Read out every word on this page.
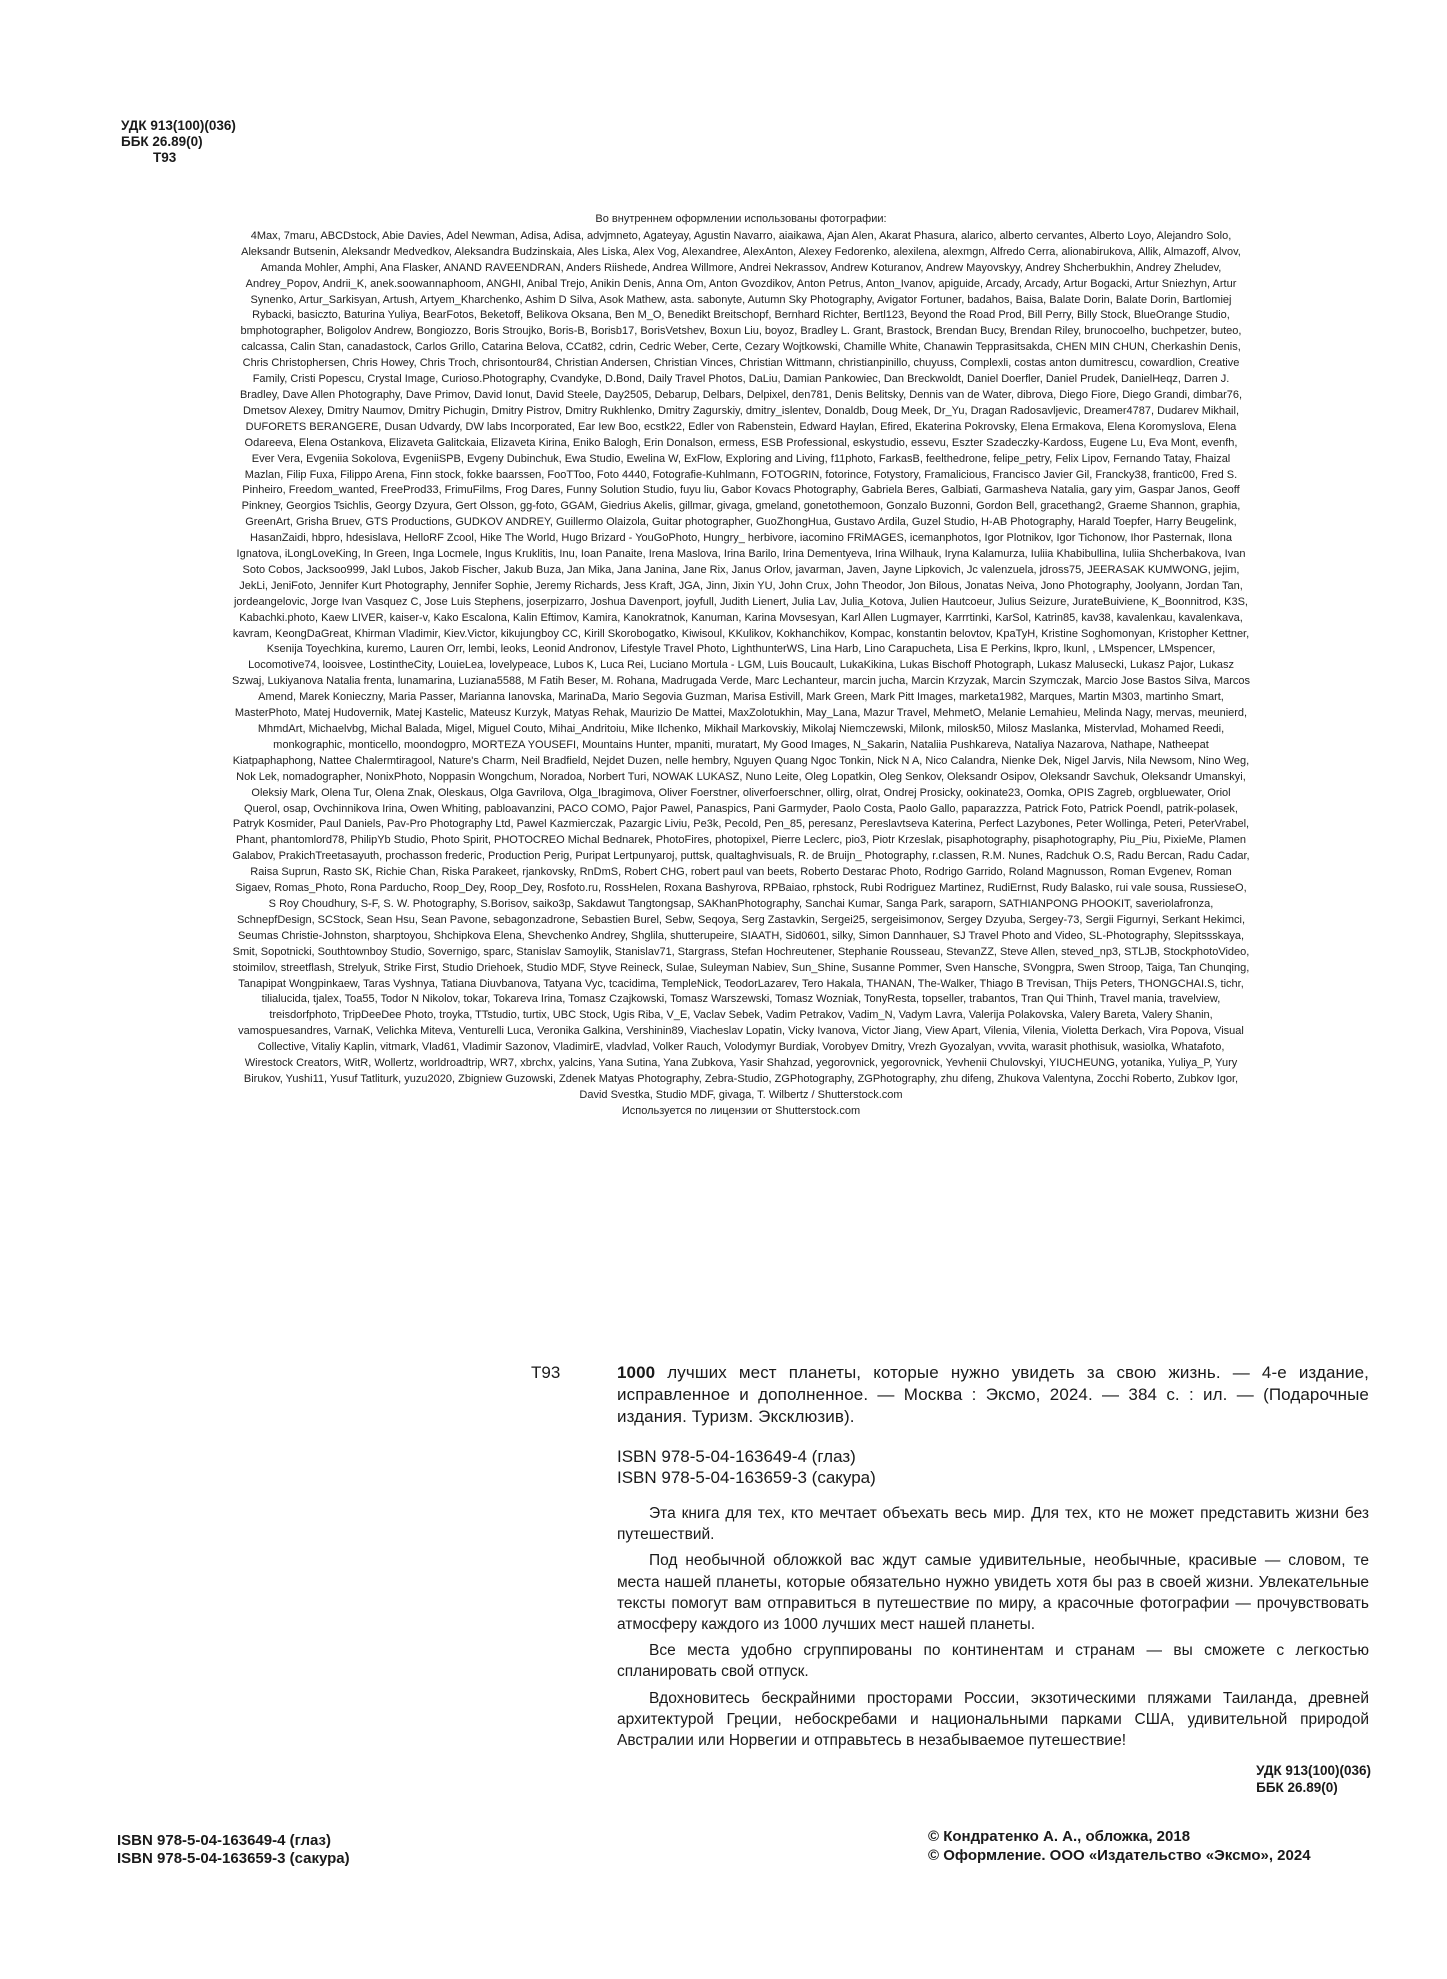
УДК 913(100)(036)
ББК 26.89(0)
Т93
Во внутреннем оформлении использованы фотографии:
4Max, 7maru, ABCDstock, Abie Davies, Adel Newman, Adisa, Adisa, advjmneto, Agateyay, Agustin Navarro, aiaikawa, Ajan Alen, Akarat Phasura, alarico, alberto cervantes, Alberto Loyo, Alejandro Solo, Aleksandr Butsenin, Aleksandr Medvedkov, Aleksandra Budzinskaia, Ales Liska, Alex Vog, Alexandree, AlexAnton, Alexey Fedorenko, alexilena, alexmgn, Alfredo Cerra, alionabirukova, Allik, Almazoff, Alvov, Amanda Mohler, Amphi, Ana Flasker, ANAND RAVEENDRAN, Anders Riishede, Andrea Willmore, Andrei Nekrassov, Andrew Koturanov, Andrew Mayovskyy, Andrey Shcherbukhin, Andrey Zheludev, Andrey_Popov, Andrii_K, anek.soowannaphoom, ANGHI, Anibal Trejo, Anikin Denis, Anna Om, Anton Gvozdikov, Anton Petrus, Anton_Ivanov, apiguide, Arcady, Arcady, Artur Bogacki, Artur Sniezhyn, Artur Synenko, Artur_Sarkisyan, Artush, Artyem_Kharchenko, Ashim D Silva, Asok Mathew, asta. sabonyte, Autumn Sky Photography, Avigator Fortuner, badahos, Baisa, Balate Dorin, Balate Dorin, Bartlomiej Rybacki, basiczto, Baturina Yuliya, BearFotos, Beketoff, Belikova Oksana, Ben M_O, Benedikt Breitschopf, Bernhard Richter, Bertl123, Beyond the Road Prod, Bill Perry, Billy Stock, BlueOrange Studio, bmphotographer, Boligolov Andrew, Bongiozzo, Boris Stroujko, Boris-B, Borisb17, BorisVetshev, Boxun Liu, boyoz, Bradley L. Grant, Brastock, Brendan Bucy, Brendan Riley, brunocoelho, buchpetzer, buteo, calcassa, Calin Stan, canadastock, Carlos Grillo, Catarina Belova, CCat82, cdrin, Cedric Weber, Certe, Cezary Wojtkowski, Chamille White, Chanawin Tepprasitsakda, CHEN MIN CHUN, Cherkashin Denis, Chris Christophersen, Chris Howey, Chris Troch, chrisontour84, Christian Andersen, Christian Vinces, Christian Wittmann, christianpinillo, chuyuss, Complexli, costas anton dumitrescu, cowardlion, Creative Family, Cristi Popescu, Crystal Image, Curioso.Photography, Cvandyke, D.Bond, Daily Travel Photos, DaLiu, Damian Pankowiec, Dan Breckwoldt, Daniel Doerfler, Daniel Prudek, DanielHeqz, Darren J. Bradley, Dave Allen Photography, Dave Primov, David Ionut, David Steele, Day2505, Debarup, Delbars, Delpixel, den781, Denis Belitsky, Dennis van de Water, dibrova, Diego Fiore, Diego Grandi, dimbar76, Dmetsov Alexey, Dmitry Naumov, Dmitry Pichugin, Dmitry Pistrov, Dmitry Rukhlenko, Dmitry Zagurskiy, dmitry_islentev, Donaldb, Doug Meek, Dr_Yu, Dragan Radosavljevic, Dreamer4787, Dudarev Mikhail, DUFORETS BERANGERE, Dusan Udvardy, DW labs Incorporated, Ear Iew Boo, ecstk22, Edler von Rabenstein, Edward Haylan, Efired, Ekaterina Pokrovsky, Elena Ermakova, Elena Koromyslova, Elena Odareeva, Elena Ostankova, Elizaveta Galitckaia, Elizaveta Kirina, Eniko Balogh, Erin Donalson, ermess, ESB Professional, eskystudio, essevu, Eszter Szadeczky-Kardoss, Eugene Lu, Eva Mont, evenfh, Ever Vera, Evgeniia Sokolova, EvgeniiSPB, Evgeny Dubinchuk, Ewa Studio, Ewelina W, ExFlow, Exploring and Living, f11photo, FarkasB, feelthedrone, felipe_petry, Felix Lipov, Fernando Tatay, Fhaizal Mazlan, Filip Fuxa, Filippo Arena, Finn stock, fokke baarssen, FooTToo, Foto 4440, Fotografie-Kuhlmann, FOTOGRIN, fotorince, Fotystory, Framalicious, Francisco Javier Gil, Francky38, frantic00, Fred S. Pinheiro, Freedom_wanted, FreeProd33, FrimuFilms, Frog Dares, Funny Solution Studio, fuyu liu, Gabor Kovacs Photography, Gabriela Beres, Galbiati, Garmasheva Natalia, gary yim, Gaspar Janos, Geoff Pinkney, Georgios Tsichlis, Georgy Dzyura, Gert Olsson, gg-foto, GGAM, Giedrius Akelis, gillmar, givaga, gmeland, gonetothemoon, Gonzalo Buzonni, Gordon Bell, gracethang2, Graeme Shannon, graphia, GreenArt, Grisha Bruev, GTS Productions, GUDKOV ANDREY, Guillermo Olaizola, Guitar photographer, GuoZhongHua, Gustavo Ardila, Guzel Studio, H-AB Photography, Harald Toepfer, Harry Beugelink, HasanZaidi, hbpro, hdesislava, HelloRF Zcool, Hike The World, Hugo Brizard - YouGoPhoto, Hungry_ herbivore, iacomino FRiMAGES, icemanphotos, Igor Plotnikov, Igor Tichonow, Ihor Pasternak, Ilona Ignatova, iLongLoveKing, In Green, Inga Locmele, Ingus Kruklitis, Inu, Ioan Panaite, Irena Maslova, Irina Barilo, Irina Dementyeva, Irina Wilhauk, Iryna Kalamurza, Iuliia Khabibullina, Iuliia Shcherbakova, Ivan Soto Cobos, Jacksoo999, Jakl Lubos, Jakob Fischer, Jakub Buza, Jan Mika, Jana Janina, Jane Rix, Janus Orlov, javarman, Javen, Jayne Lipkovich, Jc valenzuela, jdross75, JEERASAK KUMWONG, jejim, JekLi, JeniFoto, Jennifer Kurt Photography, Jennifer Sophie, Jeremy Richards, Jess Kraft, JGA, Jinn, Jixin YU, John Crux, John Theodor, Jon Bilous, Jonatas Neiva, Jono Photography, Joolyann, Jordan Tan, jordeangelovic, Jorge Ivan Vasquez C, Jose Luis Stephens, joserpizarro, Joshua Davenport, joyfull, Judith Lienert, Julia Lav, Julia_Kotova, Julien Hautcoeur, Julius Seizure, JurateBuiviene, K_Boonnitrod, K3S, Kabachki.photo, Kaew LIVER, kaiser-v, Kako Escalona, Kalin Eftimov, Kamira, Kanokratnok, Kanuman, Karina Movsesyan, Karl Allen Lugmayer, Karrrtinki, KarSol, Katrin85, kav38, kavalenkau, kavalenkava, kavram, KeongDaGreat, Khirman Vladimir, Kiev.Victor, kikujungboy CC, Kirill Skorobogatko, Kiwisoul, KKulikov, Kokhanchikov, Kompac, konstantin belovtov, KpaTyH, Kristine Soghomonyan, Kristopher Kettner, Ksenija Toyechkina, kuremo, Lauren Orr, lembi, leoks, Leonid Andronov, Lifestyle Travel Photo, LighthunterWS, Lina Harb, Lino Carapucheta, Lisa E Perkins, lkpro, lkunl, , LMspencer, LMspencer, Locomotive74, looisvee, LostintheCity, LouieLea, lovelypeace, Lubos K, Luca Rei, Luciano Mortula - LGM, Luis Boucault, LukaKikina, Lukas Bischoff Photograph, Lukasz Malusecki, Lukasz Pajor, Lukasz Szwaj, Lukiyanova Natalia frenta, lunamarina, Luziana5588, M Fatih Beser, M. Rohana, Madrugada Verde, Marc Lechanteur, marcin jucha, Marcin Krzyzak, Marcin Szymczak, Marcio Jose Bastos Silva, Marcos Amend, Marek Konieczny, Maria Passer, Marianna Ianovska, MarinaDa, Mario Segovia Guzman, Marisa Estivill, Mark Green, Mark Pitt Images, marketa1982, Marques, Martin M303, martinho Smart, MasterPhoto, Matej Hudovernik, Matej Kastelic, Mateusz Kurzyk, Matyas Rehak, Maurizio De Mattei, MaxZolotukhin, May_Lana, Mazur Travel, MehmetO, Melanie Lemahieu, Melinda Nagy, mervas, meunierd, MhmdArt, Michaelvbg, Michal Balada, Migel, Miguel Couto, Mihai_Andritoiu, Mike Ilchenko, Mikhail Markovskiy, Mikolaj Niemczewski, Milonk, milosk50, Milosz Maslanka, Mistervlad, Mohamed Reedi, monkographic, monticello, moondogpro, MORTEZA YOUSEFI, Mountains Hunter, mpaniti, muratart, My Good Images, N_Sakarin, Nataliia Pushkareva, Nataliya Nazarova, Nathape, Natheepat Kiatpaphaphong, Nattee Chalermtiragool, Nature's Charm, Neil Bradfield, Nejdet Duzen, nelle hembry, Nguyen Quang Ngoc Tonkin, Nick N A, Nico Calandra, Nienke Dek, Nigel Jarvis, Nila Newsom, Nino Weg, Nok Lek, nomadographer, NonixPhoto, Noppasin Wongchum, Noradoa, Norbert Turi, NOWAK LUKASZ, Nuno Leite, Oleg Lopatkin, Oleg Senkov, Oleksandr Osipov, Oleksandr Savchuk, Oleksandr Umanskyi, Oleksiy Mark, Olena Tur, Olena Znak, Oleskaus, Olga Gavrilova, Olga_Ibragimova, Oliver Foerstner, oliverfoerschner, ollirg, olrat, Ondrej Prosicky, ookinate23, Oomka, OPIS Zagreb, orgbluewater, Oriol Querol, osap, Ovchinnikova Irina, Owen Whiting, pabloavanzini, PACO COMO, Pajor Pawel, Panaspics, Pani Garmyder, Paolo Costa, Paolo Gallo, paparazzza, Patrick Foto, Patrick Poendl, patrik-polasek, Patryk Kosmider, Paul Daniels, Pav-Pro Photography Ltd, Pawel Kazmierczak, Pazargic Liviu, Pe3k, Pecold, Pen_85, peresanz, Pereslavtseva Katerina, Perfect Lazybones, Peter Wollinga, Peteri, PeterVrabel, Phant, phantomlord78, PhilipYb Studio, Photo Spirit, PHOTOCREO Michal Bednarek, PhotoFires, photopixel, Pierre Leclerc, pio3, Piotr Krzeslak, pisaphotography, pisaphotography, Piu_Piu, PixieMe, Plamen Galabov, PrakichTreetasayuth, prochasson frederic, Production Perig, Puripat Lertpunyaroj, puttsk, qualtaghvisuals, R. de Bruijn_ Photography, r.classen, R.M. Nunes, Radchuk O.S, Radu Bercan, Radu Cadar, Raisa Suprun, Rasto SK, Richie Chan, Riska Parakeet, rjankovsky, RnDmS, Robert CHG, robert paul van beets, Roberto Destarac Photo, Rodrigo Garrido, Roland Magnusson, Roman Evgenev, Roman Sigaev, Romas_Photo, Rona Parducho, Roop_Dey, Roop_Dey, Rosfoto.ru, RossHelen, Roxana Bashyrova, RPBaiao, rphstock, Rubi Rodriguez Martinez, RudiErnst, Rudy Balasko, rui vale sousa, RussieseO, S Roy Choudhury, S-F, S. W. Photography, S.Borisov, saiko3p, Sakdawut Tangtongsap, SAKhanPhotography, Sanchai Kumar, Sanga Park, saraporn, SATHIANPONG PHOOKIT, saveriolafronza, SchnepfDesign, SCStock, Sean Hsu, Sean Pavone, sebagonzadrone, Sebastien Burel, Sebw, Seqoya, Serg Zastavkin, Sergei25, sergeisimonov, Sergey Dzyuba, Sergey-73, Sergii Figurnyi, Serkant Hekimci, Seumas Christie-Johnston, sharptoyou, Shchipkova Elena, Shevchenko Andrey, Shglila, shutterupeire, SIAATH, Sid0601, silky, Simon Dannhauer, SJ Travel Photo and Video, SL-Photography, Slepitssskaya, Smit, Sopotnicki, Southtownboy Studio, Sovernigo, sparc, Stanislav Samoylik, Stanislav71, Stargrass, Stefan Hochreutener, Stephanie Rousseau, StevanZZ, Steve Allen, steved_np3, STLJB, StockphotoVideo, stoimilov, streetflash, Strelyuk, Strike First, Studio Driehoek, Studio MDF, Styve Reineck, Sulae, Suleyman Nabiev, Sun_Shine, Susanne Pommer, Sven Hansche, SVongpra, Swen Stroop, Taiga, Tan Chunqing, Tanapipat Wongpinkaew, Taras Vyshnya, Tatiana Diuvbanova, Tatyana Vyc, tcacidima, TempleNick, TeodorLazarev, Tero Hakala, THANAN, The-Walker, Thiago B Trevisan, Thijs Peters, THONGCHAI.S, tichr, tilialucida, tjalex, Toa55, Todor N Nikolov, tokar, Tokareva Irina, Tomasz Czajkowski, Tomasz Warszewski, Tomasz Wozniak, TonyResta, topseller, trabantos, Tran Qui Thinh, Travel mania, travelview, treisdorfphoto, TripDeeDee Photo, troyka, TTstudio, turtix, UBC Stock, Ugis Riba, V_E, Vaclav Sebek, Vadim Petrakov, Vadim_N, Vadym Lavra, Valerija Polakovska, Valery Bareta, Valery Shanin, vamospuesandres, VarnaK, Velichka Miteva, Venturelli Luca, Veronika Galkina, Vershinin89, Viacheslav Lopatin, Vicky Ivanova, Victor Jiang, View Apart, Vilenia, Vilenia, Violetta Derkach, Vira Popova, Visual Collective, Vitaliy Kaplin, vitmark, Vlad61, Vladimir Sazonov, VladimirE, vladvlad, Volker Rauch, Volodymyr Burdiak, Vorobyev Dmitry, Vrezh Gyozalyan, vvvita, warasit phothisuk, wasiolka, Whatafoto, Wirestock Creators, WitR, Wollertz, worldroadtrip, WR7, xbrchx, yalcins, Yana Sutina, Yana Zubkova, Yasir Shahzad, yegorovnick, yegorovnick, Yevhenii Chulovskyi, YIUCHEUNG, yotanika, Yuliya_P, Yury Birukov, Yushi11, Yusuf Tatliturk, yuzu2020, Zbigniew Guzowski, Zdenek Matyas Photography, Zebra-Studio, ZGPhotography, ZGPhotography, zhu difeng, Zhukova Valentyna, Zocchi Roberto, Zubkov Igor, David Svestka, Studio MDF, givaga, T. Wilbertz / Shutterstock.com
Используется по лицензии от Shutterstock.com
Т93	1000 лучших мест планеты, которые нужно увидеть за свою жизнь. — 4-е издание, исправленное и дополненное. — Москва : Эксмо, 2024. — 384 с. : ил. — (Подарочные издания. Туризм. Эксклюзив).
ISBN 978-5-04-163649-4 (глаз)
ISBN 978-5-04-163659-3 (сакура)

Эта книга для тех, кто мечтает объехать весь мир. Для тех, кто не может представить жизни без путешествий.

Под необычной обложкой вас ждут самые удивительные, необычные, красивые — словом, те места нашей планеты, которые обязательно нужно увидеть хотя бы раз в своей жизни. Увлекательные тексты помогут вам отправиться в путешествие по миру, а красочные фотографии — прочувствовать атмосферу каждого из 1000 лучших мест нашей планеты.

Все места удобно сгруппированы по континентам и странам — вы сможете с легкостью спланировать свой отпуск.

Вдохновитесь бескрайними просторами России, экзотическими пляжами Таиланда, древней архитектурой Греции, небоскребами и национальными парками США, удивительной природой Австралии или Норвегии и отправьтесь в незабываемое путешествие!

УДК 913(100)(036)
ББК 26.89(0)
ISBN 978-5-04-163649-4 (глаз)
ISBN 978-5-04-163659-3 (сакура)
© Кондратенко А. А., обложка, 2018
© Оформление. ООО «Издательство «Эксмо», 2024
